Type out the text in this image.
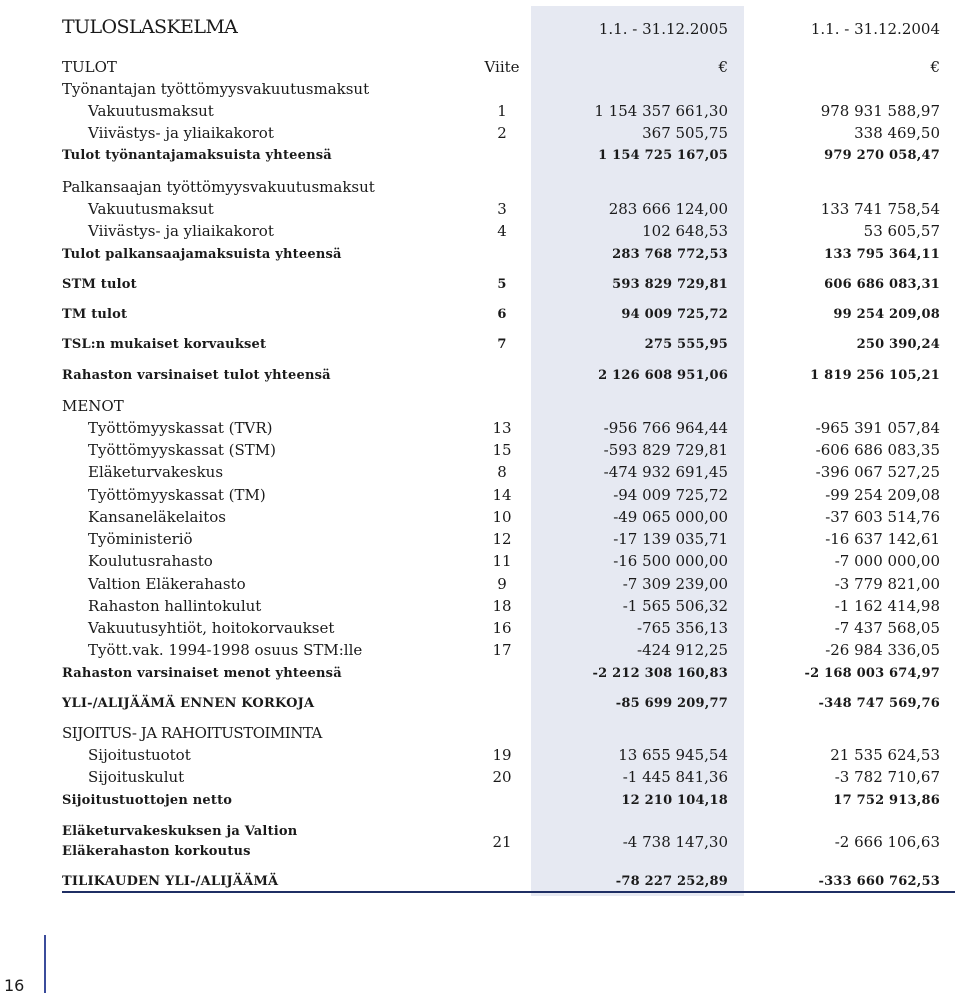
TULOSLASKELMA	1.1. - 31.12.2005	1.1. - 31.12.2004
TULOT	Viite	€	€
Työnantajan työttömyysvakuutusmaksut
Vakuutusmaksut	1	1 154 357 661,30	978 931 588,97
Viivästys- ja yliaikakorot	2	367 505,75	338 469,50
Tulot työnantajamaksuista yhteensä	1 154 725 167,05	979 270 058,47
Palkansaajan työttömyysvakuutusmaksut
Vakuutusmaksut	3	283 666 124,00	133 741 758,54
Viivästys- ja yliaikakorot	4	102 648,53	53 605,57
Tulot palkansaajamaksuista yhteensä	283 768 772,53	133 795 364,11
STM tulot	5	593 829 729,81	606 686 083,31
TM tulot	6	94 009 725,72	99 254 209,08
TSL:n mukaiset korvaukset	7	275 555,95	250 390,24
Rahaston varsinaiset tulot yhteensä	2 126 608 951,06	1 819 256 105,21
MENOT
Työttömyyskassat (TVR)	13	-956 766 964,44	-965 391 057,84
Työttömyyskassat (STM)	15	-593 829 729,81	-606 686 083,35
Eläketurvakeskus	8	-474 932 691,45	-396 067 527,25
Työttömyyskassat (TM)	14	-94 009 725,72	-99 254 209,08
Kansaneläkelaitos	10	-49 065 000,00	-37 603 514,76
Työministeriö	12	-17 139 035,71	-16 637 142,61
Koulutusrahasto	11	-16 500 000,00	-7 000 000,00
Valtion Eläkerahasto	9	-7 309 239,00	-3 779 821,00
Rahaston hallintokulut	18	-1 565 506,32	-1 162 414,98
Vakuutusyhtiöt, hoitokorvaukset	16	-765 356,13	-7 437 568,05
Tyött.vak. 1994-1998 osuus STM:lle	17	-424 912,25	-26 984 336,05
Rahaston varsinaiset menot yhteensä	-2 212 308 160,83	-2 168 003 674,97
YLI-/ALIJÄÄMÄ ENNEN KORKOJA	-85 699 209,77	-348 747 569,76
SIJOITUS- JA RAHOITUSTOIMINTA
Sijoitustuotot	19	13 655 945,54	21 535 624,53
Sijoituskulut	20	-1 445 841,36	-3 782 710,67
Sijoitustuottojen netto	12 210 104,18	17 752 913,86
Eläketurvakeskuksen ja Valtion
Eläkerahaston korkoutus
21	-4 738 147,30	-2 666 106,63
TILIKAUDEN YLI-/ALIJÄÄMÄ	-78 227 252,89	-333 660 762,53
16
